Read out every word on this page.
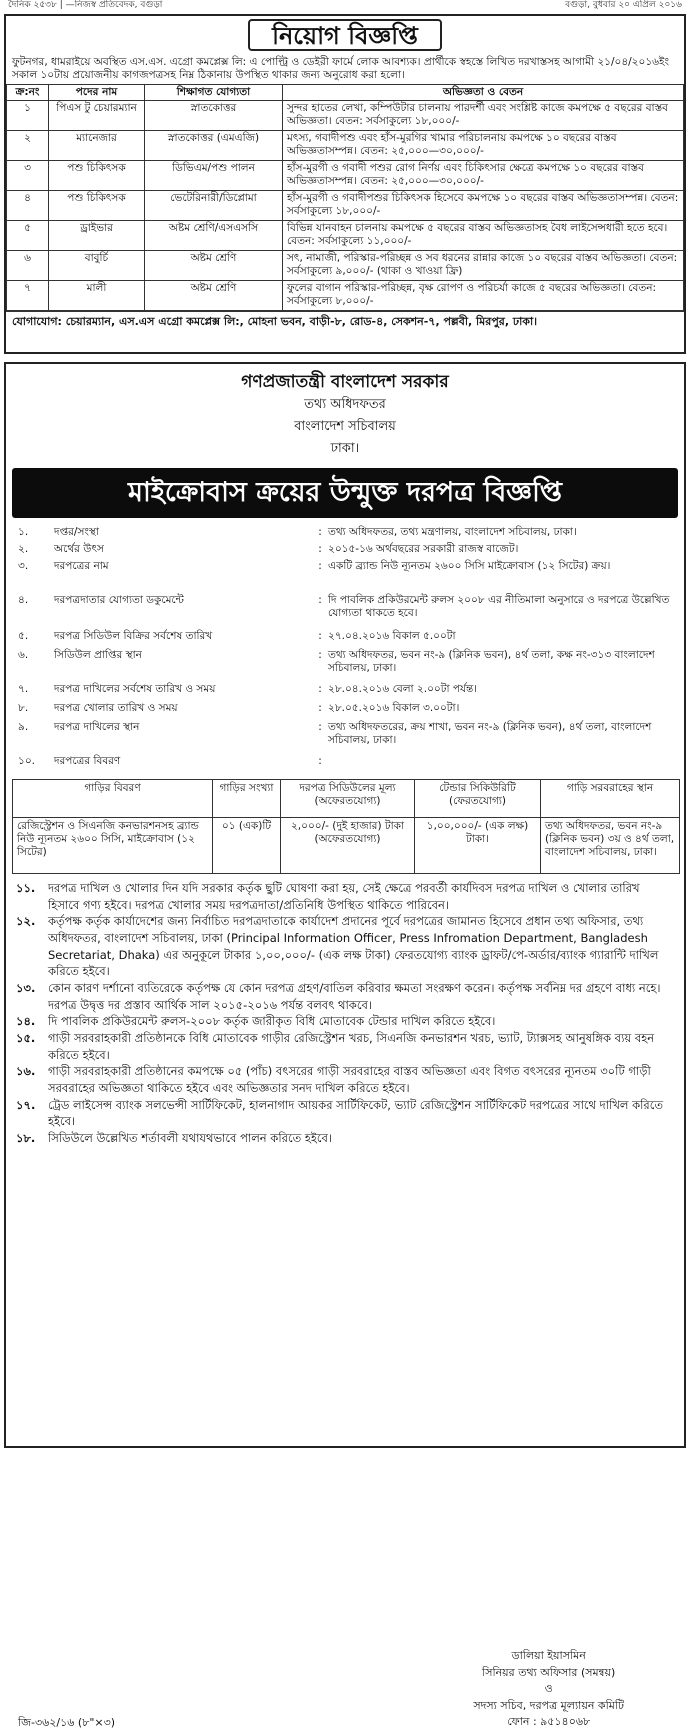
দৈনিক ২৫৩৮ | —নিজস্ব প্রতিবেদক, বগুড়া	বগুড়া, বুধবার ২০ এপ্রিল ২০১৬
নিয়োগ বিজ্ঞপ্তি
ফুটনগর, ধামরাইয়ে অবস্থিত এস.এস. এগ্রো কমপ্লেক্স লি: এ পোল্ট্রি ও ডেইরী ফার্মে লোক আবশ্যক। প্রার্থীকে স্বহস্তে লিখিত দরখাস্তসহ আগামী ২১/০৪/২০১৬ইং সকাল ১০টায় প্রয়োজনীয় কাগজপত্রসহ নিম্ন ঠিকানায় উপস্থিত থাকার জন্য অনুরোধ করা হলো।
ক্র:নং	পদের নাম	শিক্ষাগত যোগ্যতা	অভিজ্ঞতা ও বেতন
১	পিএস টু চেয়ারম্যান	স্নাতকোত্তর	সুন্দর হাতের লেখা, কম্পিউটার চালনায় পারদর্শী এবং সংশ্লিষ্ট কাজে কমপক্ষে ৫ বছরের বাস্তব অভিজ্ঞতা। বেতন: সর্বসাকুল্যে ১৮,০০০/-
২	ম্যানেজার	স্নাতকোত্তর (এমএজি)	মৎস্য, গবাদীপশু এবং হাঁস-মুরগির খামার পরিচালনায় কমপক্ষে ১০ বছরের বাস্তব অভিজ্ঞতাসম্পন্ন। বেতন: ২৫,০০০—৩০,০০০/-
৩	পশু চিকিৎসক	ডিভিএম/পশু পালন	হাঁস-মুরগী ও গবাদী পশুর রোগ নির্ণয় এবং চিকিৎসার ক্ষেত্রে কমপক্ষে ১০ বছরের বাস্তব অভিজ্ঞতাসম্পন্ন। বেতন: ২৫,০০০—৩০,০০০/-
৪	পশু চিকিৎসক	ভেটেরিনারী/ডিপ্লোমা	হাঁস-মুরগী ও গবাদীপশুর চিকিৎসক হিসেবে কমপক্ষে ১০ বছরের বাস্তব অভিজ্ঞতাসম্পন্ন। বেতন: সর্বসাকুল্যে ১৮,০০০/-
৫	ড্রাইভার	অষ্টম শ্রেণি/এসএসসি	বিভিন্ন যানবাহন চালনায় কমপক্ষে ৫ বছরের বাস্তব অভিজ্ঞতাসহ বৈধ লাইসেন্সধারী হতে হবে। বেতন: সর্বসাকুল্যে ১১,০০০/-
৬	বাবুর্চি	অষ্টম শ্রেণি	সৎ, নামাজী, পরিস্কার-পরিচ্ছন্ন ও সব ধরনের রান্নার কাজে ১০ বছরের বাস্তব অভিজ্ঞতা। বেতন: সর্বসাকুল্যে ৯,০০০/- (থাকা ও খাওয়া ফ্রি)
৭	মালী	অষ্টম শ্রেণি	ফুলের বাগান পরিস্কার-পরিচ্ছন্ন, বৃক্ষ রোপণ ও পরিচর্যা কাজে ৫ বছরের অভিজ্ঞতা। বেতন: সর্বসাকুল্যে ৮,০০০/-
যোগাযোগ: চেয়ারম্যান, এস.এস এগ্রো কমপ্লেক্স লি:, মোহনা ভবন, বাড়ী-৮, রোড-৪, সেকশন-৭, পল্লবী, মিরপুর, ঢাকা।
গণপ্রজাতন্ত্রী বাংলাদেশ সরকার
তথ্য অধিদফতর
বাংলাদেশ সচিবালয়
ঢাকা।
মাইক্রোবাস ক্রয়ের উন্মুক্ত দরপত্র বিজ্ঞপ্তি
১.	দপ্তর/সংস্থা	: তথ্য অধিদফতর, তথ্য মন্ত্রণালয়, বাংলাদেশ সচিবালয়, ঢাকা।
২.	অর্থের উৎস	: ২০১৫-১৬ অর্থবছরের সরকারী রাজস্ব বাজেট।
৩.	দরপত্রের নাম	: একটি ব্র্যান্ড নিউ ন্যূনতম ২৬০০ সিসি মাইক্রোবাস (১২ সিটের) ক্রয়।
৪.	দরপত্রদাতার যোগ্যতা ডকুমেন্টে	: দি পাবলিক প্রকিউরমেন্ট রুলস ২০০৮ এর নীতিমালা অনুসারে ও দরপত্রে উল্লেখিত যোগ্যতা থাকতে হবে।
৫.	দরপত্র সিডিউল বিক্রির সর্বশেষ তারিখ	: ২৭.০৪.২০১৬ বিকাল ৫.০০টা
৬.	সিডিউল প্রাপ্তির স্থান	: তথ্য অধিদফতর, ভবন নং-৯ (ক্লিনিক ভবন), ৪র্থ তলা, কক্ষ নং-৩১৩ বাংলাদেশ সচিবালয়, ঢাকা।
৭.	দরপত্র দাখিলের সর্বশেষ তারিখ ও সময়	: ২৮.০৪.২০১৬ বেলা ২.০০টা পর্যন্ত।
৮.	দরপত্র খোলার তারিখ ও সময়	: ২৮.০৫.২০১৬ বিকাল ৩.০০টা।
৯.	দরপত্র দাখিলের স্থান	: তথ্য অধিদফতরের, ক্রয় শাখা, ভবন নং-৯ (ক্লিনিক ভবন), ৪র্থ তলা, বাংলাদেশ সচিবালয়, ঢাকা।
১০.	দরপত্রের বিবরণ	:
গাড়ির বিবরণ	গাড়ির সংখ্যা	দরপত্র সিডিউলের মূল্য (অফেরতযোগ্য)	টেন্ডার সিকিউরিটি (ফেরতযোগ্য)	গাড়ি সরবরাহের স্থান
রেজিস্ট্রেশন ও সিএনজি কনভারশনসহ ব্র্যান্ড নিউ ন্যূনতম ২৬০০ সিসি, মাইক্রোবাস (১২ সিটের)	০১ (এক)টি	২,০০০/- (দুই হাজার) টাকা (অফেরতযোগ্য)	১,০০,০০০/- (এক লক্ষ) টাকা।	তথ্য অধিদফতর, ভবন নং-৯ (ক্লিনিক ভবন) ৩য় ও ৪র্থ তলা, বাংলাদেশ সচিবালয়, ঢাকা।
১১.	দরপত্র দাখিল ও খোলার দিন যদি সরকার কর্তৃক ছুটি ঘোষণা করা হয়, সেই ক্ষেত্রে পরবর্তী কার্যদিবস দরপত্র দাখিল ও খোলার তারিখ হিসাবে গণ্য হইবে। দরপত্র খোলার সময় দরপত্রদাতা/প্রতিনিধি উপস্থিত থাকিতে পারিবেন।
১২.	কর্তৃপক্ষ কর্তৃক কার্যাদেশের জন্য নির্বাচিত দরপত্রদাতাকে কার্যাদেশ প্রদানের পূর্বে দরপত্রের জামানত হিসেবে প্রধান তথ্য অফিসার, তথ্য অধিদফতর, বাংলাদেশ সচিবালয়, ঢাকা (Principal Information Officer, Press Infromation Department, Bangladesh Secretariat, Dhaka) এর অনুকূলে টাকার ১,০০,০০০/- (এক লক্ষ টাকা) ফেরতযোগ্য ব্যাংক ড্রাফট/পে-অর্ডার/ব্যাংক গ্যারান্টি দাখিল করিতে হইবে।
১৩.	কোন কারণ দর্শানো ব্যতিরেকে কর্তৃপক্ষ যে কোন দরপত্র গ্রহণ/বাতিল করিবার ক্ষমতা সংরক্ষণ করেন। কর্তৃপক্ষ সর্বনিম্ন দর গ্রহণে বাধ্য নহে। দরপত্র উদ্বৃত্ত দর প্রস্তাব আর্থিক সাল ২০১৫-২০১৬ পর্যন্ত বলবৎ থাকবে।
১৪.	দি পাবলিক প্রকিউরমেন্ট রুলস-২০০৮ কর্তৃক জারীকৃত বিধি মোতাবেক টেন্ডার দাখিল করিতে হইবে।
১৫.	গাড়ী সরবরাহকারী প্রতিষ্ঠানকে বিধি মোতাবেক গাড়ীর রেজিস্ট্রেশন খরচ, সিএনজি কনভারশন খরচ, ভ্যাট, ট্যাক্সসহ আনুষঙ্গিক ব্যয় বহন করিতে হইবে।
১৬.	গাড়ী সরবরাহকারী প্রতিষ্ঠানের কমপক্ষে ০৫ (পাঁচ) বৎসরের গাড়ী সরবরাহের বাস্তব অভিজ্ঞতা এবং বিগত বৎসরের ন্যূনতম ৩০টি গাড়ী সরবরাহের অভিজ্ঞতা থাকিতে হইবে এবং অভিজ্ঞতার সনদ দাখিল করিতে হইবে।
১৭.	ট্রেড লাইসেন্স ব্যাংক সলভেন্সী সার্টিফিকেট, হালনাগাদ আয়কর সার্টিফিকেট, ভ্যাট রেজিস্ট্রেশন সার্টিফিকেট দরপত্রের সাথে দাখিল করিতে হইবে।
১৮.	সিডিউলে উল্লেখিত শর্তাবলী যথাযথভাবে পালন করিতে হইবে।
ডালিয়া ইয়াসমিন
সিনিয়র তথ্য অফিসার (সমন্বয়)
ও
সদস্য সচিব, দরপত্র মূল্যায়ন কমিটি
ফোন : ৯৫১৪০৬৮
জি-৩৬২/১৬ (৮"×৩)
